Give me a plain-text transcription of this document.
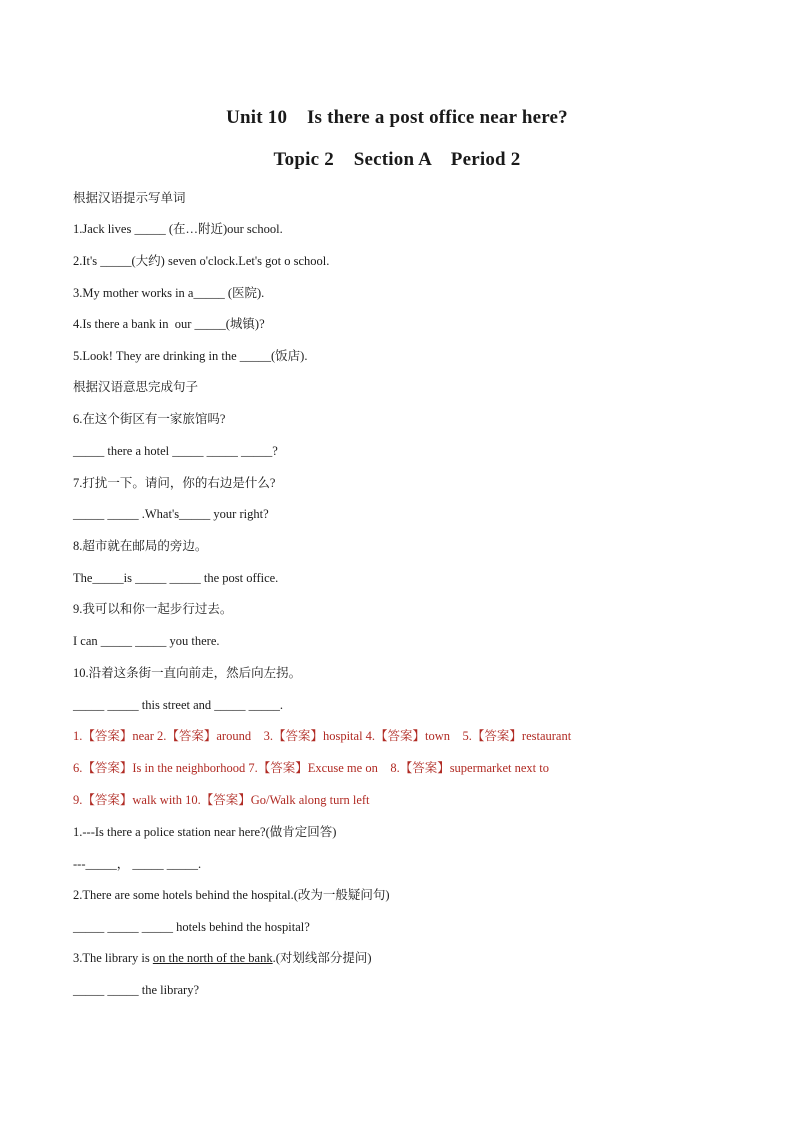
Unit 10    Is there a post office near here?
Topic 2    Section A    Period 2
根据汉语提示写单词
1.Jack lives _____ (在…附近)our school.
2.It's _____(大约) seven o'clock.Let's got o school.
3.My mother works in a_____ (医院).
4.Is there a bank in  our _____(城镇)?
5.Look! They are drinking in the _____(饭店).
根据汉语意思完成句子
6.在这个街区有一家旅馆吗?
_____ there a hotel _____ _____ _____?
7.打扰一下。请问，你的右边是什么?
_____ _____ .What's_____ your right?
8.超市就在邮局的旁边。
The_____is _____ _____ the post office.
9.我可以和你一起步行过去。
I can _____ _____ you there.
10.沿着这条街一直向前走，然后向左拐。
_____ _____ this street and _____ _____.
1.【答案】near 2.【答案】around    3.【答案】hospital 4.【答案】town    5.【答案】restaurant
6.【答案】Is in the neighborhood 7.【答案】Excuse me on    8.【答案】supermarket next to
9.【答案】walk with 10.【答案】Go/Walk along turn left
1.---Is there a police station near here?(做肯定回答)
---_____， _____ _____.
2.There are some hotels behind the hospital.(改为一般疑问句)
_____ _____ _____ hotels behind the hospital?
3.The library is on the north of the bank.(对划线部分提问)
_____ _____ the library?
